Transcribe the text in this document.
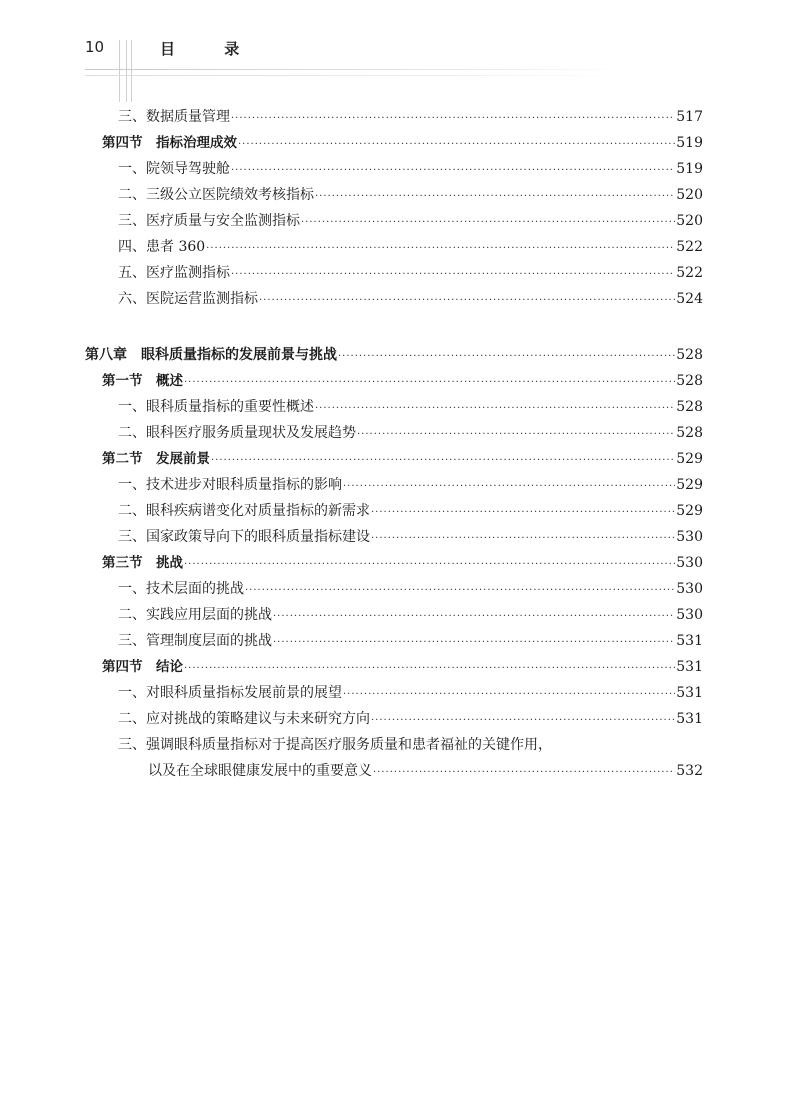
10	目 录
三、数据质量管理 ·····	517
第四节　指标治理成效 ·····	519
一、院领导驾驶舱 ·····	519
二、三级公立医院绩效考核指标 ·····	520
三、医疗质量与安全监测指标 ·····	520
四、患者 360 ·····	522
五、医疗监测指标 ·····	522
六、医院运营监测指标 ·····	524
第八章　眼科质量指标的发展前景与挑战 ·····	528
第一节　概述 ·····	528
一、眼科质量指标的重要性概述 ·····	528
二、眼科医疗服务质量现状及发展趋势 ·····	528
第二节　发展前景 ·····	529
一、技术进步对眼科质量指标的影响 ·····	529
二、眼科疾病谱变化对质量指标的新需求 ·····	529
三、国家政策导向下的眼科质量指标建设 ·····	530
第三节　挑战 ·····	530
一、技术层面的挑战 ·····	530
二、实践应用层面的挑战 ·····	530
三、管理制度层面的挑战 ·····	531
第四节　结论 ·····	531
一、对眼科质量指标发展前景的展望 ·····	531
二、应对挑战的策略建议与未来研究方向 ·····	531
三、强调眼科质量指标对于提高医疗服务质量和患者福祉的关键作用，
以及在全球眼健康发展中的重要意义 ·····	532
